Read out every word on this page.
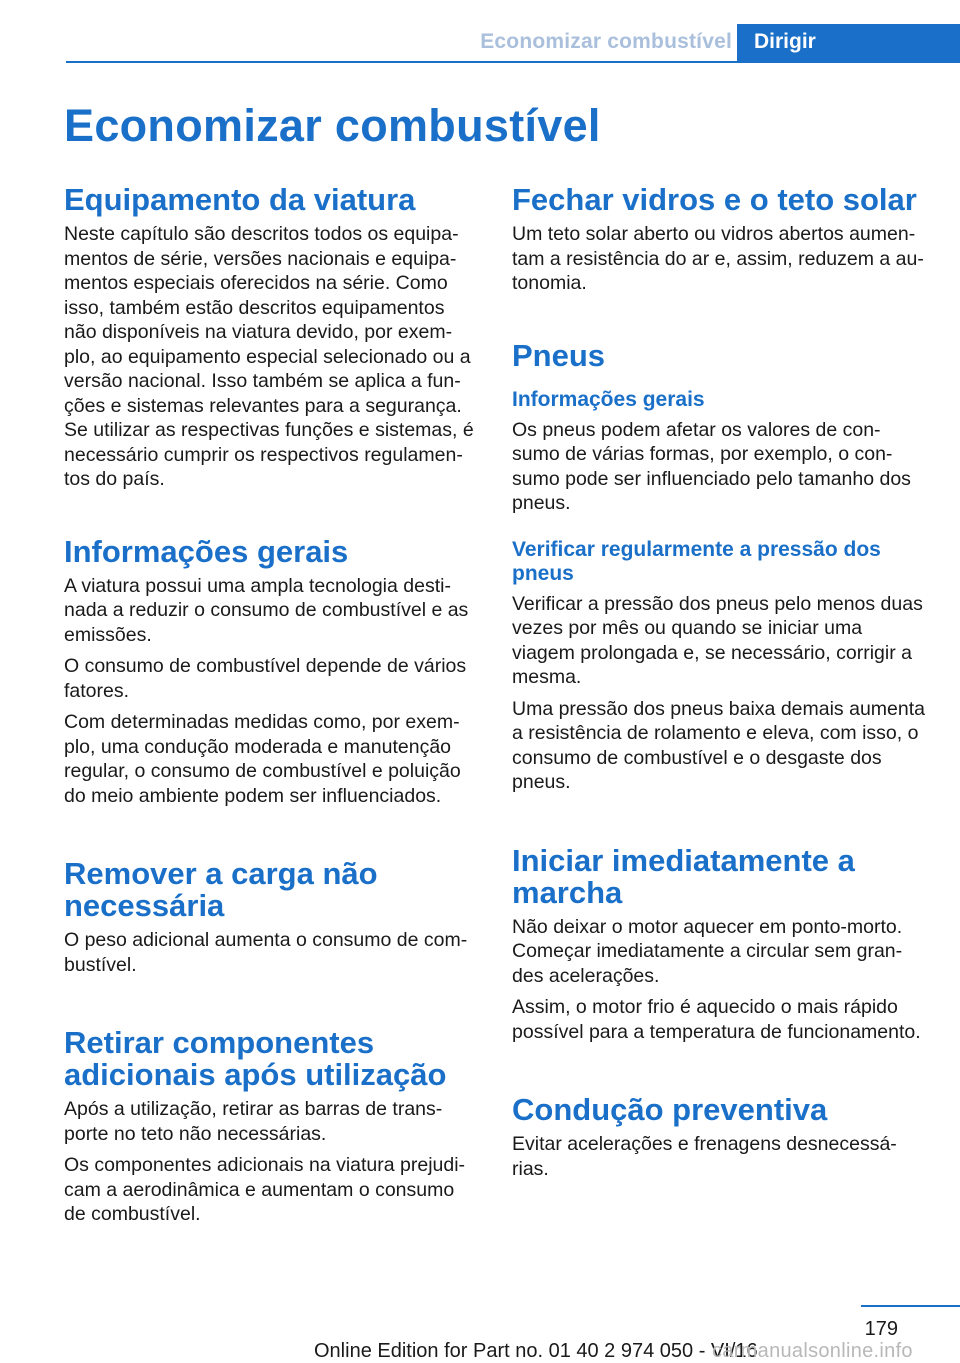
Economizar combustível	Dirigir
Economizar combustível
Equipamento da viatura

Neste capítulo são descritos todos os equipa-mentos de série, versões nacionais e equipa-mentos especiais oferecidos na série. Como isso, também estão descritos equipamentos não disponíveis na viatura devido, por exem-plo, ao equipamento especial selecionado ou a versão nacional. Isso também se aplica a fun-ções e sistemas relevantes para a segurança. Se utilizar as respectivas funções e sistemas, é necessário cumprir os respectivos regulamen-tos do país.

Informações gerais

A viatura possui uma ampla tecnologia desti-nada a reduzir o consumo de combustível e as emissões.

O consumo de combustível depende de vários fatores.

Com determinadas medidas como, por exem-plo, uma condução moderada e manutenção regular, o consumo de combustível e poluição do meio ambiente podem ser influenciados.

Remover a carga não necessária

O peso adicional aumenta o consumo de com-bustível.

Retirar componentes adicionais após utilização

Após a utilização, retirar as barras de trans-porte no teto não necessárias.

Os componentes adicionais na viatura prejudi-cam a aerodinâmica e aumentam o consumo de combustível.

Fechar vidros e o teto solar

Um teto solar aberto ou vidros abertos aumen-tam a resistência do ar e, assim, reduzem a au-tonomia.

Pneus
Informações gerais

Os pneus podem afetar os valores de con-sumo de várias formas, por exemplo, o con-sumo pode ser influenciado pelo tamanho dos pneus.

Verificar regularmente a pressão dos pneus

Verificar a pressão dos pneus pelo menos duas vezes por mês ou quando se iniciar uma viagem prolongada e, se necessário, corrigir a mesma.

Uma pressão dos pneus baixa demais aumenta a resistência de rolamento e eleva, com isso, o consumo de combustível e o desgaste dos pneus.

Iniciar imediatamente a marcha

Não deixar o motor aquecer em ponto-morto. Começar imediatamente a circular sem gran-des acelerações.

Assim, o motor frio é aquecido o mais rápido possível para a temperatura de funcionamento.

Condução preventiva

Evitar acelerações e frenagens desnecessá-rias.

179
Online Edition for Part no. 01 40 2 974 050 - VI/16
carmanualsonline.info
